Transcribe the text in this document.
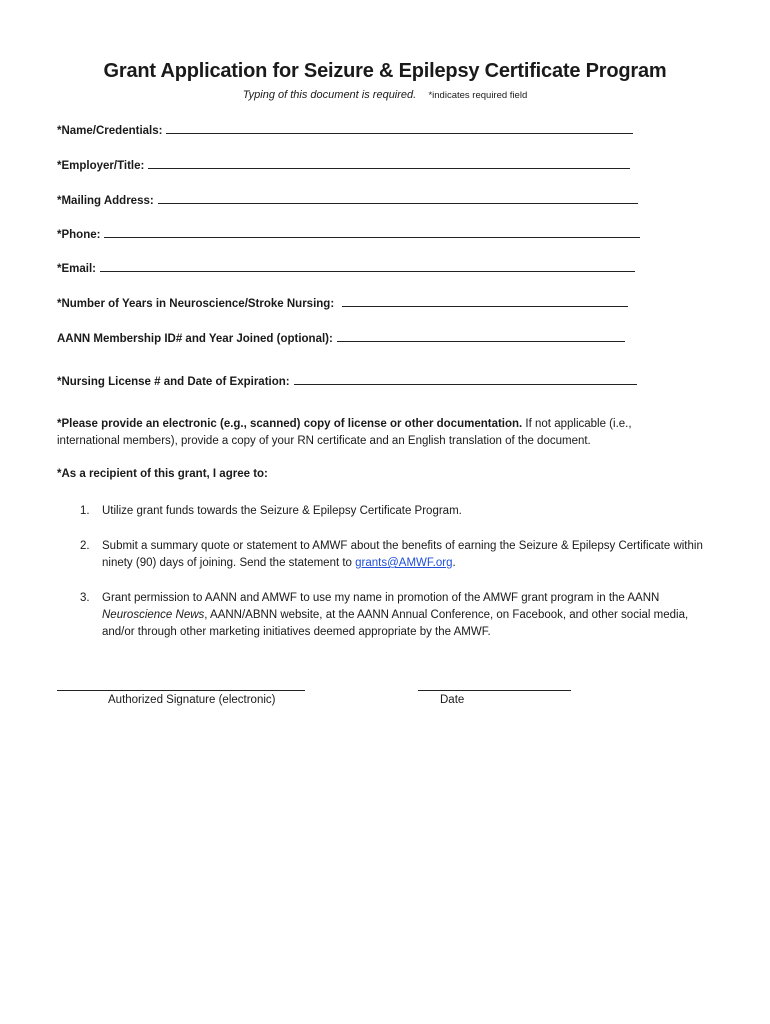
Grant Application for Seizure & Epilepsy Certificate Program
Typing of this document is required. *indicates required field
*Name/Credentials:
*Employer/Title:
*Mailing Address:
*Phone:
*Email:
*Number of Years in Neuroscience/Stroke Nursing:
AANN Membership ID# and Year Joined (optional):
*Nursing License # and Date of Expiration:
*Please provide an electronic (e.g., scanned) copy of license or other documentation. If not applicable (i.e., international members), provide a copy of your RN certificate and an English translation of the document.
*As a recipient of this grant, I agree to:
1.	Utilize grant funds towards the Seizure & Epilepsy Certificate Program.
2.	Submit a summary quote or statement to AMWF about the benefits of earning the Seizure & Epilepsy Certificate within ninety (90) days of joining. Send the statement to grants@AMWF.org.
3.	Grant permission to AANN and AMWF to use my name in promotion of the AMWF grant program in the AANN Neuroscience News, AANN/ABNN website, at the AANN Annual Conference, on Facebook, and other social media, and/or through other marketing initiatives deemed appropriate by the AMWF.
Authorized Signature (electronic)	Date
